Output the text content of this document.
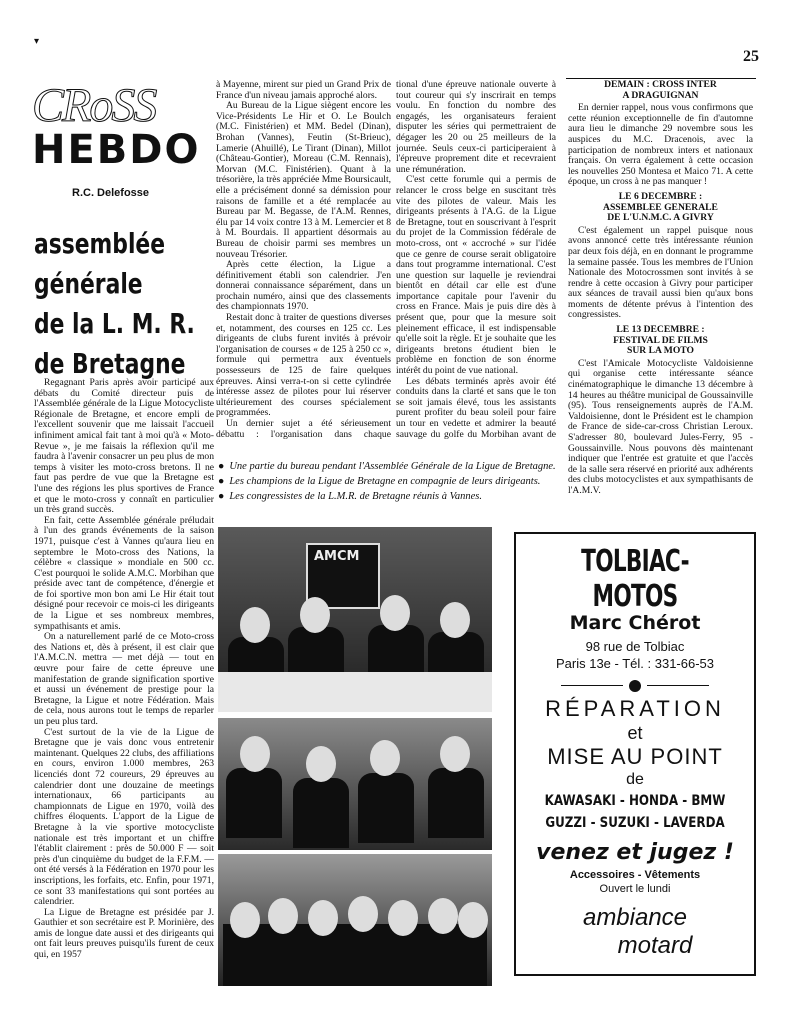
▾
25
CRoSS
HEBDO
R.C. Delefosse
assemblée
générale
de la L. M. R.
de Bretagne

Regagnant Paris après avoir participé aux débats du Comité directeur puis de l'Assemblée générale de la Ligue Motocycliste Régionale de Bretagne, et encore empli de l'excellent souvenir que me laissait l'accueil infiniment amical fait tant à moi qu'à « Moto-Revue », je me faisais la réflexion qu'il me faudra à l'avenir consacrer un peu plus de mon temps à visiter les moto-cross bretons. Il ne faut pas perdre de vue que la Bretagne est l'une des régions les plus sportives de France et que le moto-cross y connaît en particulier un très grand succès.

En fait, cette Assemblée générale préludait à l'un des grands événements de la saison 1971, puisque c'est à Vannes qu'aura lieu en septembre le Moto-cross des Nations, la célèbre « classique » mondiale en 500 cc. C'est pourquoi le solide A.M.C. Morbihan que préside avec tant de compétence, d'énergie et de foi sportive mon bon ami Le Hir était tout désigné pour recevoir ce mois-ci les dirigeants de la Ligue et ses nombreux membres, sympathisants et amis.

On a naturellement parlé de ce Moto-cross des Nations et, dès à présent, il est clair que l'A.M.C.N. mettra — met déjà — tout en œuvre pour faire de cette épreuve une manifestation de grande signification sportive et aussi un événement de prestige pour la Bretagne, la Ligue et notre Fédération. Mais de cela, nous aurons tout le temps de reparler un peu plus tard.

C'est surtout de la vie de la Ligue de Bretagne que je vais donc vous entretenir maintenant. Quelques 22 clubs, des affiliations en cours, environ 1.000 membres, 263 licenciés dont 72 coureurs, 29 épreuves au calendrier dont une douzaine de meetings internationaux, 66 participants au championnats de Ligue en 1970, voilà des chiffres éloquents. L'apport de la Ligue de Bretagne à la vie sportive motocycliste nationale est très important et un chiffre l'établit clairement : près de 50.000 F — soit près d'un cinquième du budget de la F.F.M. — ont été versés à la Fédération en 1970 pour les inscriptions, les forfaits, etc. Enfin, pour 1971, ce sont 33 manifestations qui sont portées au calendrier.

La Ligue de Bretagne est présidée par J. Gauthier et son secrétaire est P. Morinière, des amis de longue date aussi et des dirigeants qui ont fait leurs preuves puisqu'ils furent de ceux qui, en 1957

à Mayenne, mirent sur pied un Grand Prix de France d'un niveau jamais approché alors.

Au Bureau de la Ligue siègent encore les Vice-Présidents Le Hir et O. Le Boulch (M.C. Finistérien) et MM. Bedel (Dinan), Brohan (Vannes), Feutin (St-Brieuc), Lamerie (Ahuillé), Le Tirant (Dinan), Millot (Château-Gontier), Moreau (C.M. Rennais), Morvan (M.C. Finistérien). Quant à la trésorière, la très appréciée Mme Boursicault, elle a précisément donné sa démission pour raisons de famille et a été remplacée au Bureau par M. Begasse, de l'A.M. Rennes, élu par 14 voix contre 13 à M. Lemercier et 8 à M. Bourdais. Il appartient désormais au Bureau de choisir parmi ses membres un nouveau Trésorier.

Après cette élection, la Ligue a définitivement établi son calendrier. J'en donnerai connaissance séparément, dans un prochain numéro, ainsi que des classements des championnats 1970.

Restait donc à traiter de questions diverses et, notamment, des courses en 125 cc. Les dirigeants de clubs furent invités à prévoir l'organisation de courses « de 125 à 250 cc », formule qui permettra aux éventuels possesseurs de 125 de faire quelques épreuves. Ainsi verra-t-on si cette cylindrée intéresse assez de pilotes pour lui réserver ultérieurement des courses spécialement programmées.

Un dernier sujet a été sérieusement débattu : l'organisation dans chaque

tional d'une épreuve nationale ouverte à tout coureur qui s'y inscrirait en temps voulu. En fonction du nombre des engagés, les organisateurs feraient disputer les séries qui permettraient de dégager les 20 ou 25 meilleurs de la journée. Seuls ceux-ci participeraient à l'épreuve proprement dite et recevraient une rémunération.

C'est cette forumle qui a permis de relancer le cross belge en suscitant très vite des pilotes de valeur. Mais les dirigeants présents à l'A.G. de la Ligue de Bretagne, tout en souscrivant à l'esprit du projet de la Commission fédérale de moto-cross, ont « accroché » sur l'idée que ce genre de course serait obligatoire dans tout programme international. C'est une question sur laquelle je reviendrai bientôt en détail car elle est d'une importance capitale pour l'avenir du cross en France. Mais je puis dire dès à présent que, pour que la mesure soit pleinement efficace, il est indispensable qu'elle soit la règle. Et je souhaite que les dirigeants bretons étudient bien le problème en fonction de son énorme intérêt du point de vue national.

Les débats terminés après avoir été conduits dans la clarté et sans que le ton se soit jamais élevé, tous les assistants purent profiter du beau soleil pour faire un tour en vedette et admirer la beauté sauvage du golfe du Morbihan avant de

● Une partie du bureau pendant l'Assemblée Générale de la Ligue de Bretagne.
● Les champions de la Ligue de Bretagne en compagnie de leurs dirigeants.
● Les congressistes de la L.M.R. de Bretagne réunis à Vannes.
AMCM
DEMAIN : CROSS INTER
A DRAGUIGNAN

En dernier rappel, nous vous confirmons que cette réunion exceptionnelle de fin d'automne aura lieu le dimanche 29 novembre sous les auspices du M.C. Dracenois, avec la participation de nombreux inters et nationaux français. On verra également à cette occasion les nouvelles 250 Montesa et Maico 71. A cette époque, un cross à ne pas manquer !

LE 6 DECEMBRE :
ASSEMBLEE GENERALE
DE L'U.N.M.C. A GIVRY

C'est également un rappel puisque nous avons annoncé cette très intéressante réunion par deux fois déjà, en en donnant le programme la semaine passée. Tous les membres de l'Union Nationale des Motocrossmen sont invités à se rendre à cette occasion à Givry pour participer aux séances de travail aussi bien qu'aux bons moments de détente prévus à l'intention des congressistes.

LE 13 DECEMBRE :
FESTIVAL DE FILMS
SUR LA MOTO

C'est l'Amicale Motocycliste Valdoisienne qui organise cette intéressante séance cinématographique le dimanche 13 décembre à 14 heures au théâtre municipal de Goussainville (95). Tous renseignements auprès de l'A.M. Valdoisienne, dont le Président est le champion de France de side-car-cross Christian Leroux. S'adresser 80, boulevard Jules-Ferry, 95 - Goussainville. Nous pouvons dès maintenant indiquer que l'entrée est gratuite et que l'accès de la salle sera réservé en priorité aux adhérents des clubs motocyclistes et aux sympathisants de l'A.M.V.

TOLBIAC-MOTOS
Marc Chérot
98 rue de Tolbiac
Paris 13e - Tél. : 331-66-53
RÉPARATION
et
MISE AU POINT
de
KAWASAKI - HONDA - BMW
GUZZI - SUZUKI - LAVERDA
venez et jugez !
Accessoires - Vêtements
Ouvert le lundi
ambiance
motard
